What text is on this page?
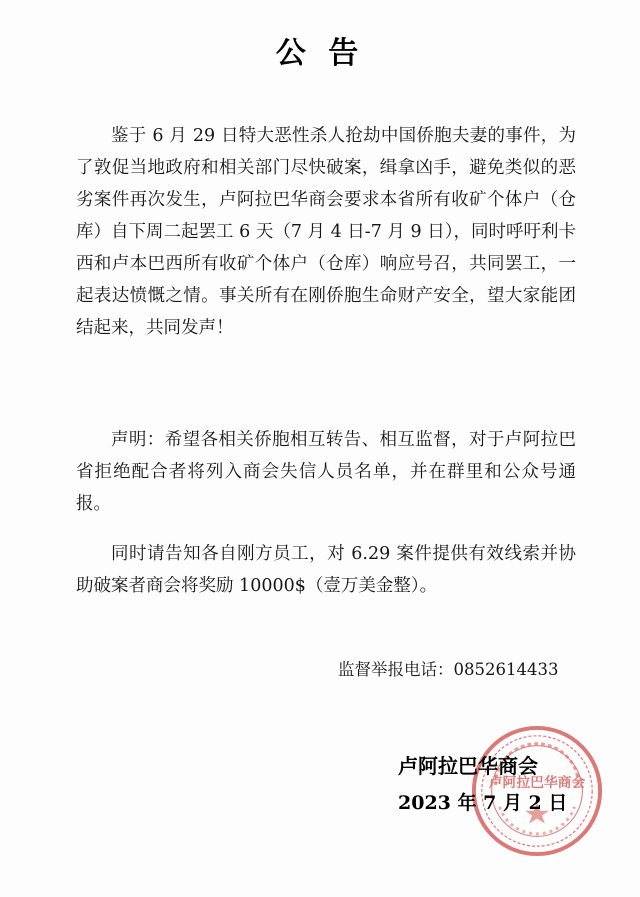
公 告

鉴于 6 月 29 日特大恶性杀人抢劫中国侨胞夫妻的事件，为了敦促当地政府和相关部门尽快破案，缉拿凶手，避免类似的恶劣案件再次发生，卢阿拉巴华商会要求本省所有收矿个体户（仓库）自下周二起罢工 6 天（7 月 4 日-7 月 9 日），同时呼吁利卡西和卢本巴西所有收矿个体户（仓库）响应号召，共同罢工，一起表达愤慨之情。事关所有在刚侨胞生命财产安全，望大家能团结起来，共同发声！

声明：希望各相关侨胞相互转告、相互监督，对于卢阿拉巴省拒绝配合者将列入商会失信人员名单，并在群里和公众号通报。

同时请告知各自刚方员工，对 6.29 案件提供有效线索并协助破案者商会将奖励 10000$（壹万美金整）。

监督举报电话：0852614433
卢阿拉巴华商会
卢阿拉巴华商会
2023 年 7 月 2 日
